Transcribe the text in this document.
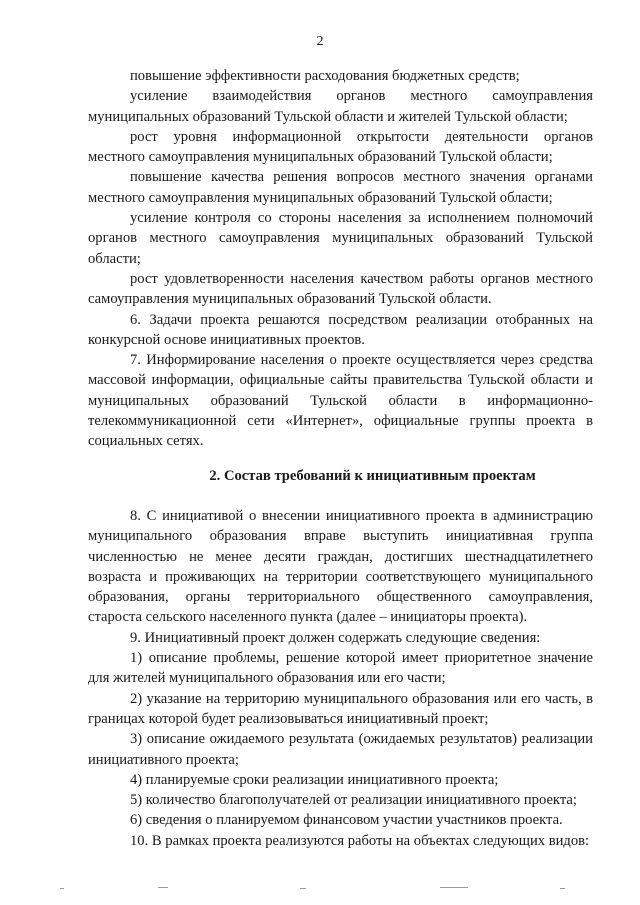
2

повышение эффективности расходования бюджетных средств;

усиление взаимодействия органов местного самоуправления муниципальных образований Тульской области и жителей Тульской области;

рост уровня информационной открытости деятельности органов местного самоуправления муниципальных образований Тульской области;

повышение качества решения вопросов местного значения органами местного самоуправления муниципальных образований Тульской области;

усиление контроля со стороны населения за исполнением полномочий органов местного самоуправления муниципальных образований Тульской области;

рост удовлетворенности населения качеством работы органов местного самоуправления муниципальных образований Тульской области.

6. Задачи проекта решаются посредством реализации отобранных на конкурсной основе инициативных проектов.

7. Информирование населения о проекте осуществляется через средства массовой информации, официальные сайты правительства Тульской области и муниципальных образований Тульской области в информационно-телекоммуникационной сети «Интернет», официальные группы проекта в социальных сетях.

2. Состав требований к инициативным проектам

8. С инициативой о внесении инициативного проекта в администрацию муниципального образования вправе выступить инициативная группа численностью не менее десяти граждан, достигших шестнадцатилетнего возраста и проживающих на территории соответствующего муниципального образования, органы территориального общественного самоуправления, староста сельского населенного пункта (далее – инициаторы проекта).

9. Инициативный проект должен содержать следующие сведения:

1) описание проблемы, решение которой имеет приоритетное значение для жителей муниципального образования или его части;

2) указание на территорию муниципального образования или его часть, в границах которой будет реализовываться инициативный проект;

3) описание ожидаемого результата (ожидаемых результатов) реализации инициативного проекта;

4) планируемые сроки реализации инициативного проекта;

5) количество благополучателей от реализации инициативного проекта;

6) сведения о планируемом финансовом участии участников проекта.

10. В рамках проекта реализуются работы на объектах следующих видов:
